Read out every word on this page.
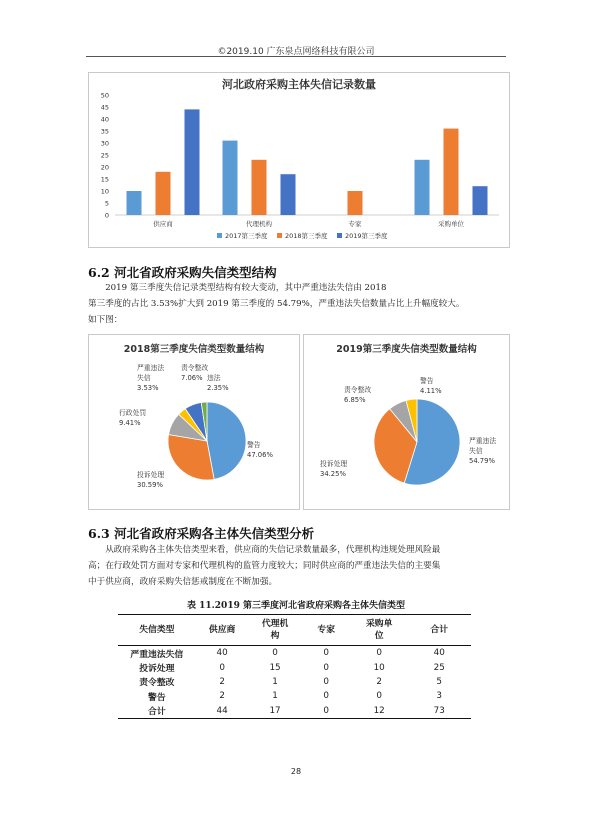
©2019.10 广东泉点网络科技有限公司
河北政府采购主体失信记录数量
0
5
10
15
20
25
30
35
40
45
50
供应商	代理机构	专家	采购单位
2017第三季度	2018第三季度	2019第三季度
6.2 河北省政府采购失信类型结构

2019 第三季度失信记录类型结构有较大变动，其中严重违法失信由 2018

第三季度的占比 3.53%扩大到 2019 第三季度的 54.79%，严重违法失信数量占比上升幅度较大。

如下图：

2018第三季度失信类型数量结构
警告
47.06%
投诉处理
30.59%
行政处罚
9.41%
严重违法
失信
3.53%
责令整改
7.06% 违法
2.35%
2019第三季度失信类型数量结构
严重违法
失信
54.79%
投诉处理
34.25%
责令整改
6.85%
警告
4.11%
6.3 河北省政府采购各主体失信类型分析

从政府采购各主体失信类型来看，供应商的失信记录数量最多，代理机构违规处理风险最

高；在行政处罚方面对专家和代理机构的监管力度较大；同时供应商的严重违法失信的主要集

中于供应商，政府采购失信惩戒制度在不断加强。

表 11.2019 第三季度河北省政府采购各主体失信类型
失信类型	供应商	代理机
构	专家	采购单
位	合计
严重违法失信	40	0	0	0	40
投诉处理	0	15	0	10	25
责令整改	2	1	0	2	5
警告	2	1	0	0	3
合计	44	17	0	12	73
28
